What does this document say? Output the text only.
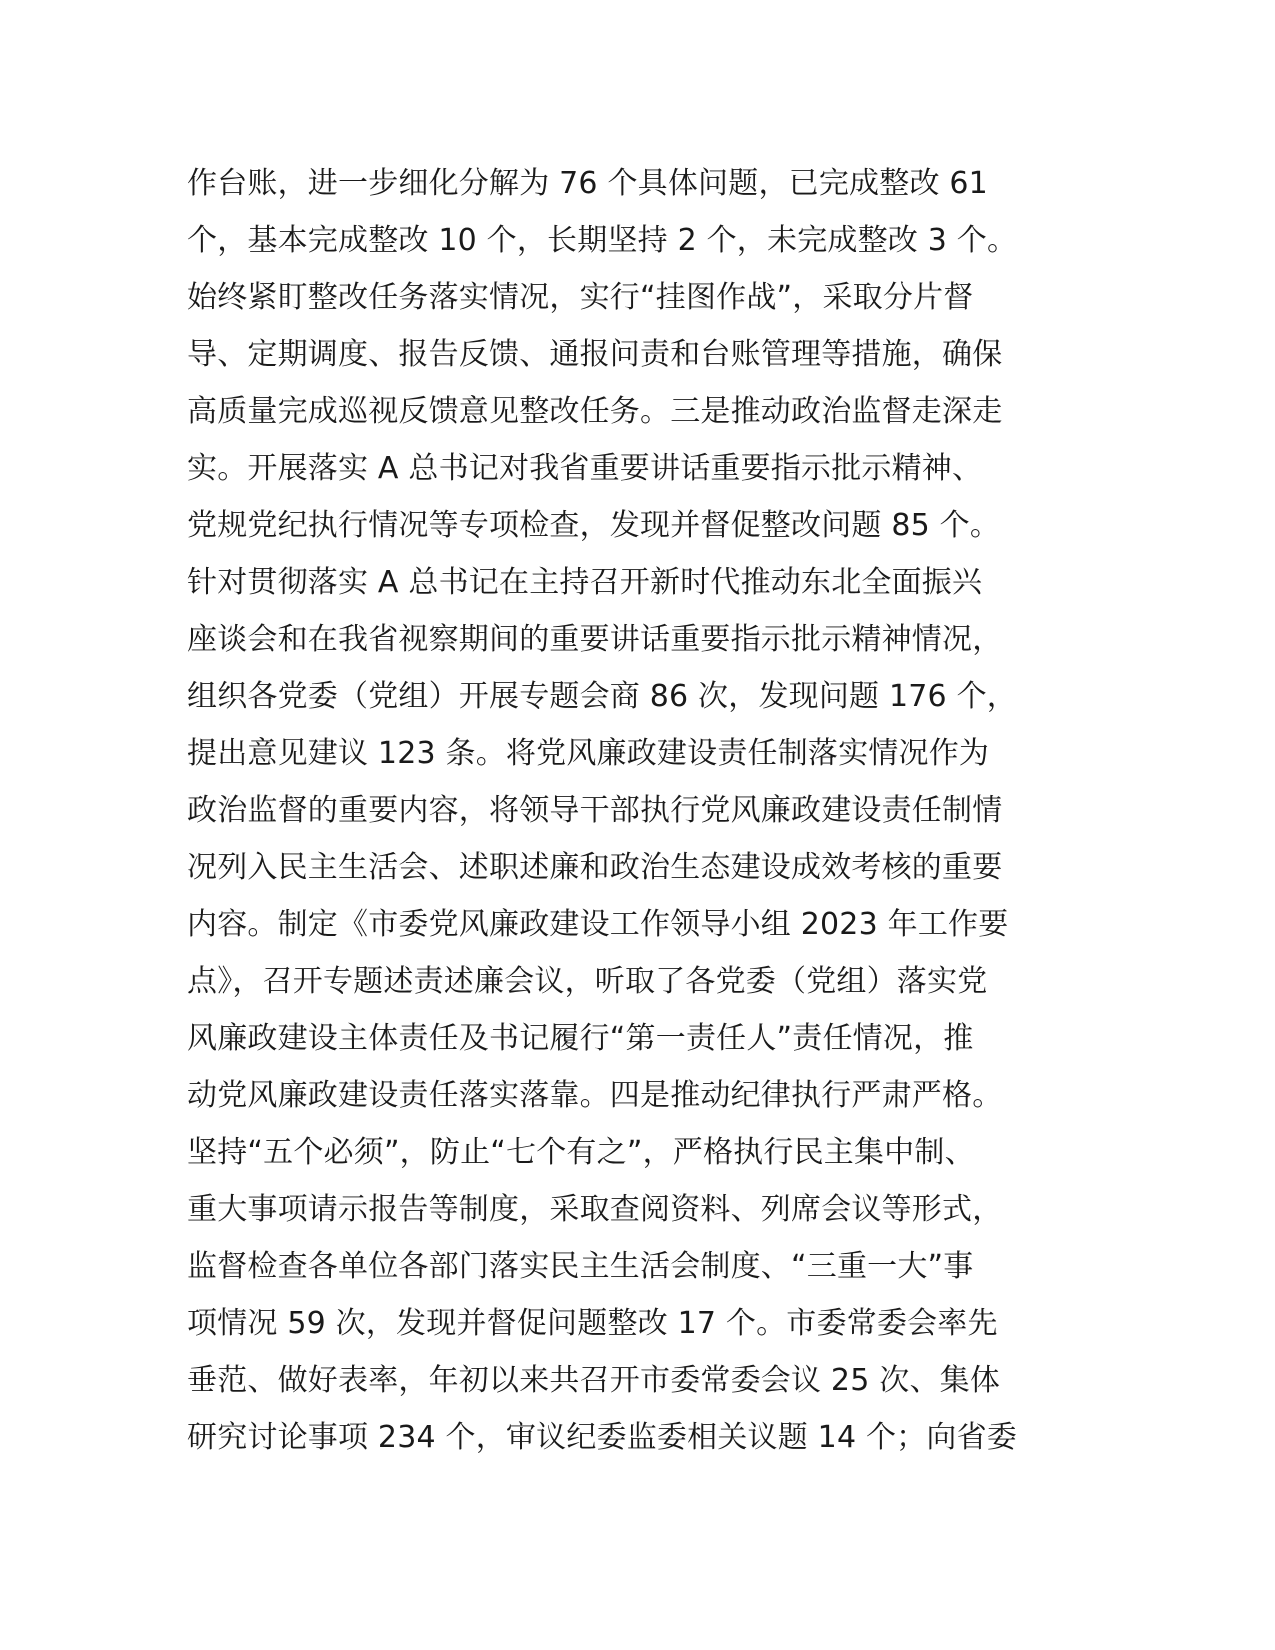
作台账，进一步细化分解为 76 个具体问题，已完成整改 61
个，基本完成整改 10 个，长期坚持 2 个，未完成整改 3 个。
始终紧盯整改任务落实情况，实行“挂图作战”，采取分片督
导、定期调度、报告反馈、通报问责和台账管理等措施，确保
高质量完成巡视反馈意见整改任务。三是推动政治监督走深走
实。开展落实 A 总书记对我省重要讲话重要指示批示精神、
党规党纪执行情况等专项检查，发现并督促整改问题 85 个。
针对贯彻落实 A 总书记在主持召开新时代推动东北全面振兴
座谈会和在我省视察期间的重要讲话重要指示批示精神情况，
组织各党委（党组）开展专题会商 86 次，发现问题 176 个，
提出意见建议 123 条。将党风廉政建设责任制落实情况作为
政治监督的重要内容，将领导干部执行党风廉政建设责任制情
况列入民主生活会、述职述廉和政治生态建设成效考核的重要
内容。制定《市委党风廉政建设工作领导小组 2023 年工作要
点》，召开专题述责述廉会议，听取了各党委（党组）落实党
风廉政建设主体责任及书记履行“第一责任人”责任情况，推
动党风廉政建设责任落实落靠。四是推动纪律执行严肃严格。
坚持“五个必须”，防止“七个有之”，严格执行民主集中制、
重大事项请示报告等制度，采取查阅资料、列席会议等形式，
监督检查各单位各部门落实民主生活会制度、“三重一大”事
项情况 59 次，发现并督促问题整改 17 个。市委常委会率先
垂范、做好表率，年初以来共召开市委常委会议 25 次、集体
研究讨论事项 234 个，审议纪委监委相关议题 14 个；向省委
